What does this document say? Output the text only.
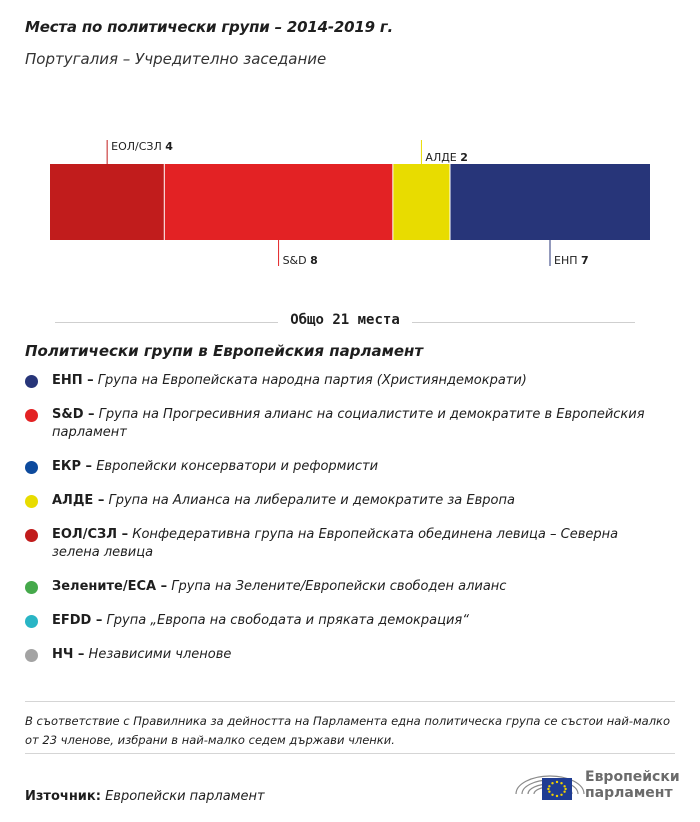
Места по политически групи – 2014-2019 г.
Португалия – Учредително заседание
ЕОЛ/СЗЛ 4
S&D 8
АЛДЕ 2
ЕНП 7
Общо 21 места
Политически групи в Европейския парламент
ЕНП – Група на Европейската народна партия (Християндемократи)
S&D – Група на Прогресивния алианс на социалистите и демократите в Европейския парламент
ЕКР – Европейски консерватори и реформисти
АЛДЕ – Група на Алианса на либералите и демократите за Европа
ЕОЛ/СЗЛ – Конфедеративна група на Европейската обединена левица – Северна зелена левица
Зелените/ЕСА – Група на Зелените/Европейски свободен алианс
EFDD – Група „Европа на свободата и пряката демокрация“
НЧ – Независими членове
В съответствие с Правилника за дейността на Парламента една политическа група се състои най-малко от 23 членове, избрани в най-малко седем държави членки.
Източник: Европейски парламент
Европейски
парламент
